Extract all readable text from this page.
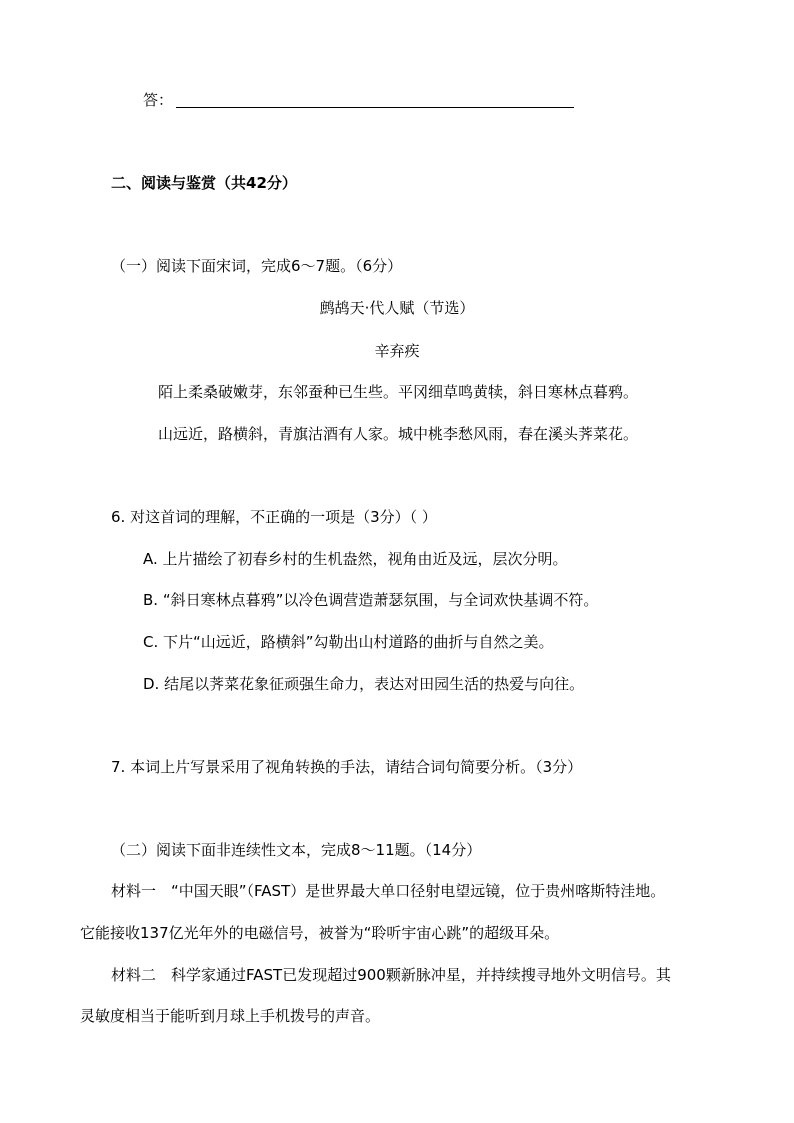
答：
二、阅读与鉴赏（共42分）
（一）阅读下面宋词，完成6～7题。（6分）
鹧鸪天·代人赋（节选）
辛弃疾
陌上柔桑破嫩芽，东邻蚕种已生些。平冈细草鸣黄犊，斜日寒林点暮鸦。
山远近，路横斜，青旗沽酒有人家。城中桃李愁风雨，春在溪头荠菜花。
6. 对这首词的理解，不正确的一项是（3分）（ ）
A. 上片描绘了初春乡村的生机盎然，视角由近及远，层次分明。
B. “斜日寒林点暮鸦”以冷色调营造萧瑟氛围，与全词欢快基调不符。
C. 下片“山远近，路横斜”勾勒出山村道路的曲折与自然之美。
D. 结尾以荠菜花象征顽强生命力，表达对田园生活的热爱与向往。
7. 本词上片写景采用了视角转换的手法，请结合词句简要分析。（3分）
（二）阅读下面非连续性文本，完成8～11题。（14分）
材料一　“中国天眼”（FAST）是世界最大单口径射电望远镜，位于贵州喀斯特洼地。
它能接收137亿光年外的电磁信号，被誉为“聆听宇宙心跳”的超级耳朵。
材料二　科学家通过FAST已发现超过900颗新脉冲星，并持续搜寻地外文明信号。其
灵敏度相当于能听到月球上手机拨号的声音。
